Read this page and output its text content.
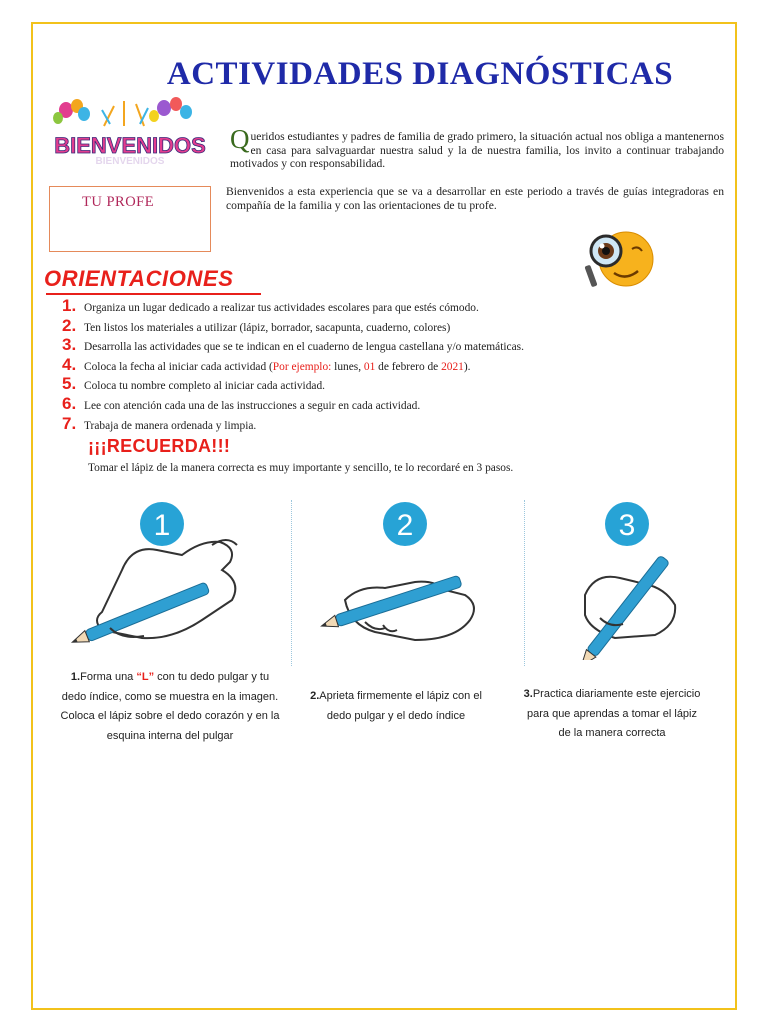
ACTIVIDADES DIAGNÓSTICAS
BIENVENIDOS
BIENVENIDOS
Queridos estudiantes y padres de familia de grado primero, la situación actual nos obliga a mantenernos en casa para salvaguardar nuestra salud y la de nuestra familia, los invito a continuar trabajando motivados y con responsabilidad.
TU PROFE
Bienvenidos a esta experiencia que se va a desarrollar en este periodo a través de guías integradoras en compañía de la familia y con las orientaciones de tu profe.
ORIENTACIONES
1. Organiza un lugar dedicado a realizar tus actividades escolares para que estés cómodo.
2. Ten listos los materiales a utilizar (lápiz, borrador, sacapunta, cuaderno, colores)
3. Desarrolla las actividades que se te indican en el cuaderno de lengua castellana y/o matemáticas.
4. Coloca la fecha al iniciar cada actividad (Por ejemplo: lunes, 01 de febrero de 2021).
5. Coloca tu nombre completo al iniciar cada actividad.
6. Lee con atención cada una de las instrucciones a seguir en cada actividad.
7. Trabaja de manera ordenada y limpia.
¡¡¡RECUERDA!!!
Tomar el lápiz de la manera correcta es muy importante y sencillo, te lo recordaré en 3 pasos.
1	2	3
1.Forma una “L” con tu dedo pulgar y tu dedo índice, como se muestra en la imagen. Coloca el lápiz sobre el dedo corazón y en la esquina interna del pulgar
2.Aprieta firmemente el lápiz con el dedo pulgar y el dedo índice
3.Practica diariamente este ejercicio para que aprendas a tomar el lápiz de la manera correcta
